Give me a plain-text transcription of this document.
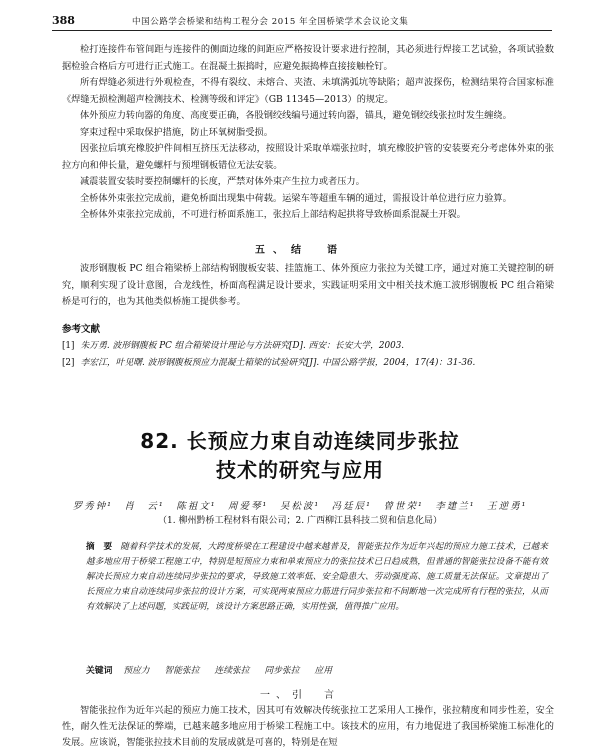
388	中国公路学会桥梁和结构工程分会 2015 年全国桥梁学术会议论文集

检打连接件布管间距与连接件的侧面边缘的间距应严格按设计要求进行控制，其必须进行焊接工艺试验，各项试验数据检验合格后方可进行正式施工。在混凝土振捣时，应避免振捣棒直接接触栓钉。

所有焊缝必须进行外观检查，不得有裂纹、未熔合、夹渣、未填满弧坑等缺陷；超声波探伤，检测结果符合国家标准《焊缝无损检测超声检测技术、检测等级和评定》（GB 11345—2013）的规定。

体外预应力转向器的角度、高度要正确，各股钢绞线编号通过转向器，锚具，避免钢绞线张拉时发生缠绕。

穿束过程中采取保护措施，防止环氧树脂受损。

因张拉后填充橡胶护件间相互挤压无法移动，按照设计采取单端张拉时，填充橡胶护管的安装要充分考虑体外束的张拉方向和伸长量，避免螺杆与预埋钢板错位无法安装。

减震装置安装时要控制螺杆的长度，严禁对体外束产生拉力或者压力。

全桥体外束张拉完成前，避免桥面出现集中荷载。运梁车等超重车辆的通过，需报设计单位进行应力验算。

全桥体外束张拉完成前，不可进行桥面系施工，张拉后上部结构起拱将导致桥面系混凝土开裂。

五、结　语

波形钢腹板 PC 组合箱梁桥上部结构钢腹板安装、挂篮施工、体外预应力张拉为关键工序，通过对施工关键控制的研究，顺利实现了设计意图，合龙线性，桥面高程满足设计要求，实践证明采用文中相关技术施工波形钢腹板 PC 组合箱梁桥是可行的，也为其他类似桥施工提供参考。

参考文献
[1] 朱万勇. 波形钢腹板 PC 组合箱梁设计理论与方法研究[D]. 西安：长安大学，2003.
[2] 李宏江，叶见曙. 波形钢腹板预应力混凝土箱梁的试验研究[J]. 中国公路学报，2004，17(4)：31-36.
82. 长预应力束自动连续同步张拉
技术的研究与应用
罗秀钟¹　肖　云¹　陈祖文¹　周爱琴¹　吴松波¹　冯廷辰¹　曾世荣¹　李建兰¹　王逆勇¹
（1. 柳州黔桥工程材料有限公司；2. 广西柳江县科技二贸和信息化局）
摘　要 随着科学技术的发展，大跨度桥梁在工程建设中越来越普及，智能张拉作为近年兴起的预应力施工技术，已越来越多地应用于桥梁工程施工中，特别是短预应力束和单束预应力的张拉技术已日趋成熟，但普通的智能张拉设备不能有效解决长预应力束自动连续同步张拉的要求，导致施工效率低、安全隐患大、劳动强度高、施工质量无法保证。文章提出了长预应力束自动连续同步张拉的设计方案，可实现两束预应力筋进行同步张拉和不间断地一次完成所有行程的张拉，从而有效解决了上述问题，实践证明，该设计方案思路正确，实用性强，值得推广应用。
关键词 预应力 智能张拉 连续张拉 同步张拉 应用
一、引　言
智能张拉作为近年兴起的预应力施工技术，因其可有效解决传统张拉工艺采用人工操作，张拉精度和同步性差，安全性，耐久性无法保证的弊端，已越来越多地应用于桥梁工程施工中。该技术的应用，有力地促进了我国桥梁施工标准化的发展。应该说，智能张拉技术目前的发展成就是可喜的，特别是在短
